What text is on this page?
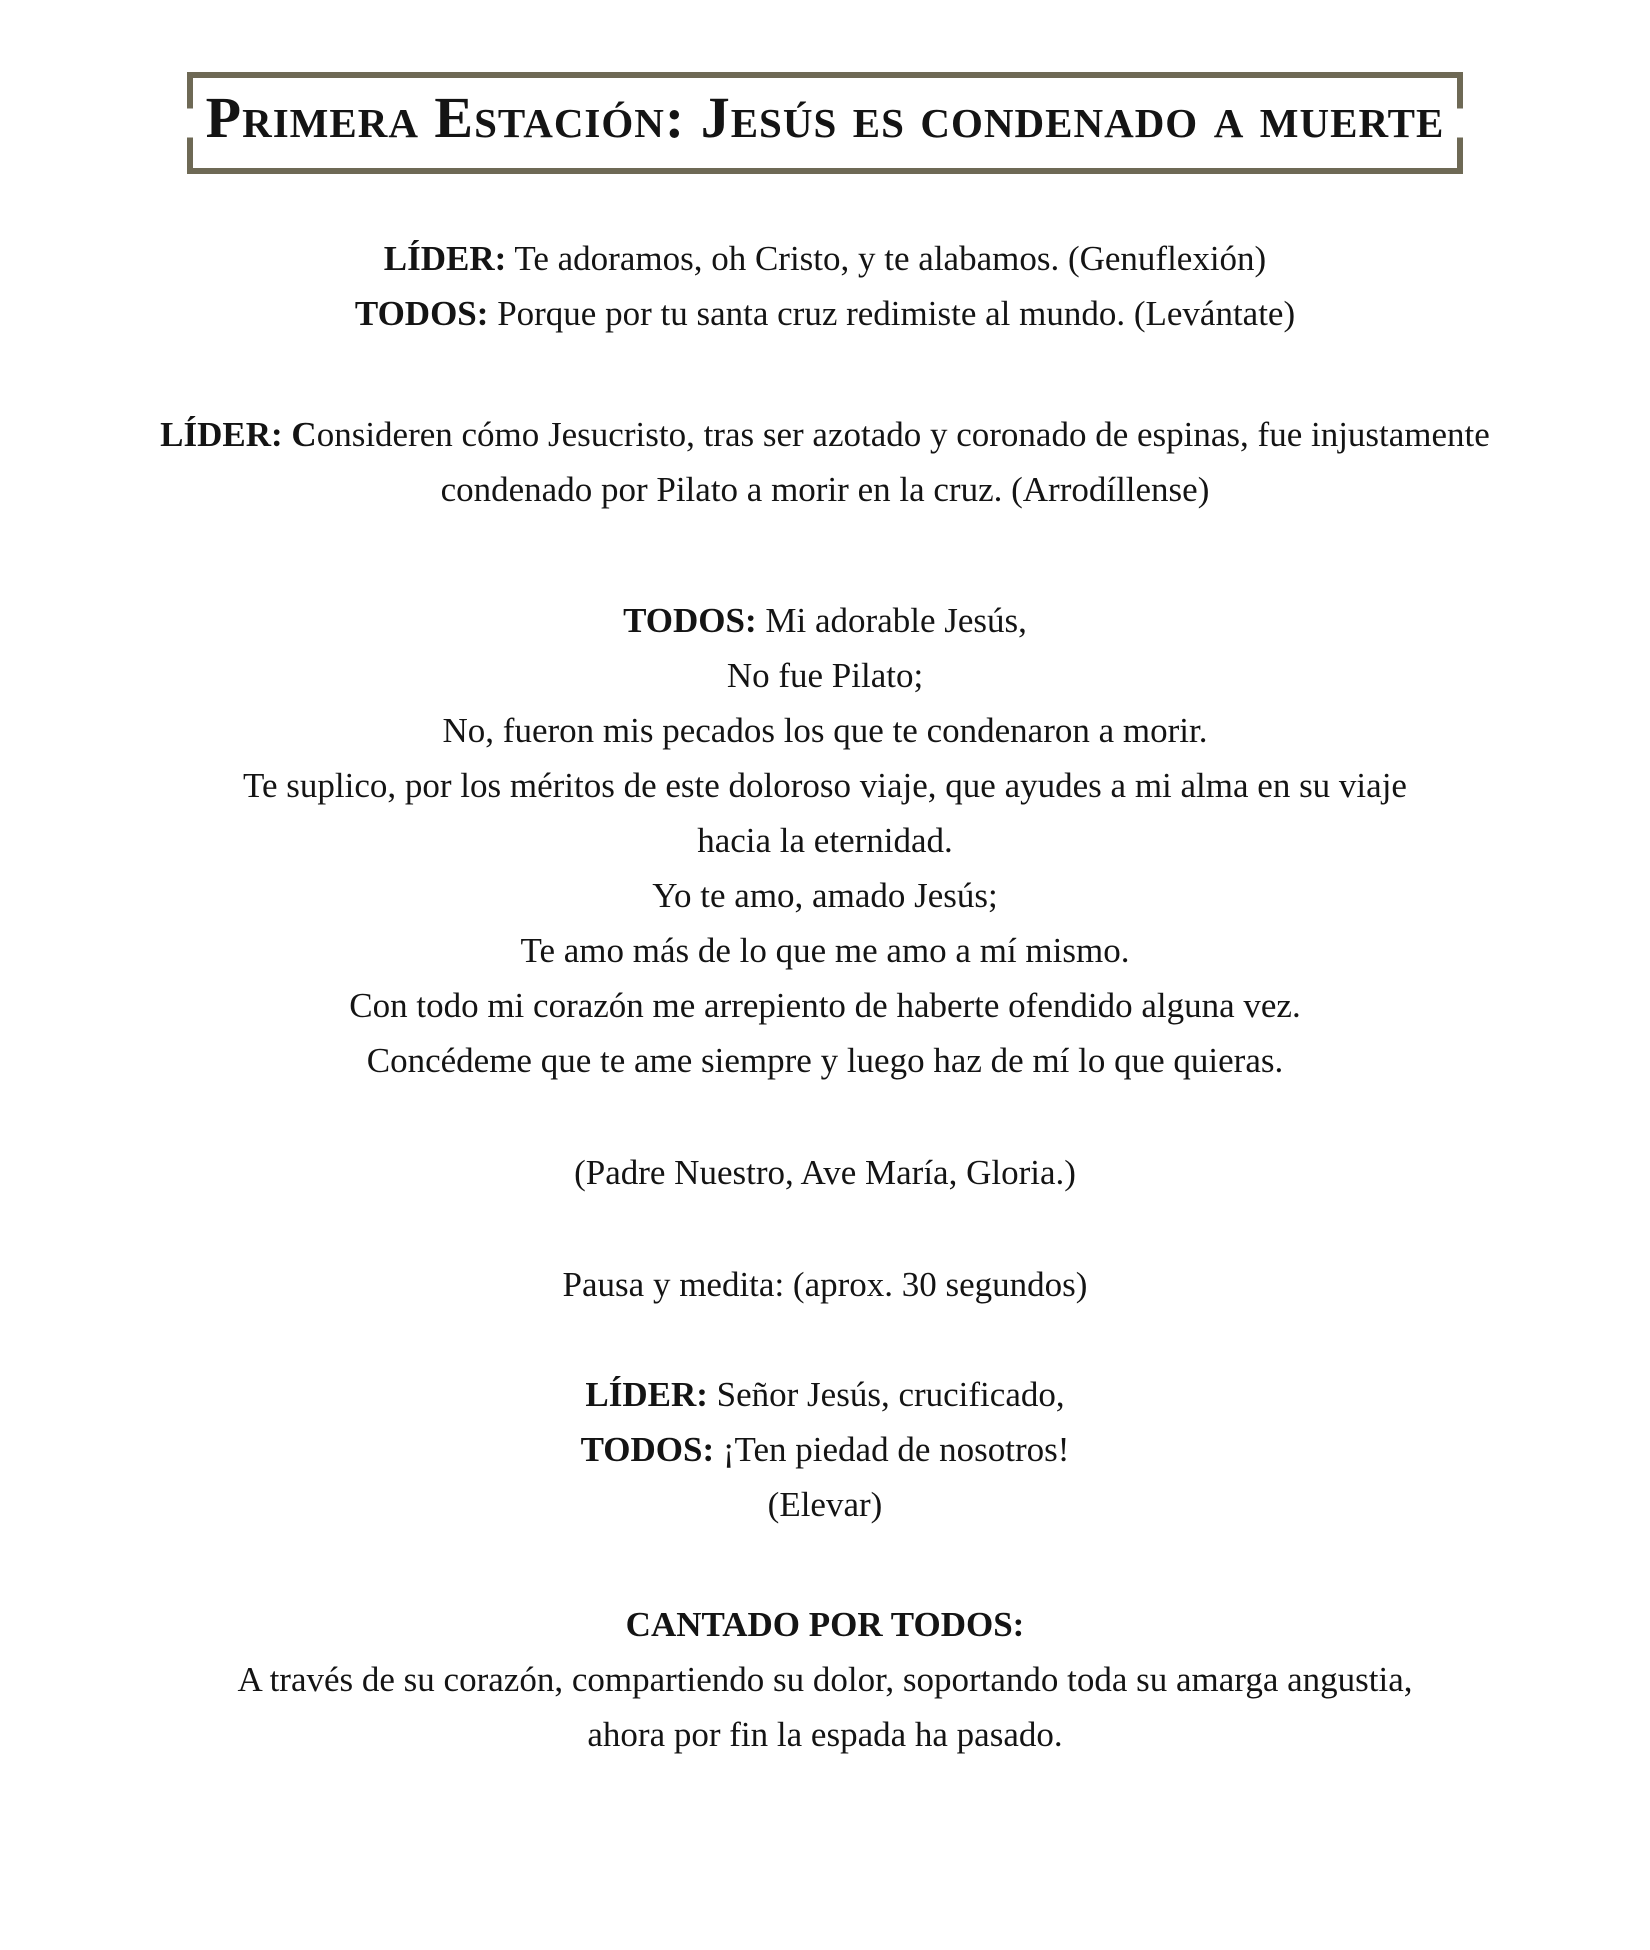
Primera Estación: Jesús es condenado a muerte
LÍDER: Te adoramos, oh Cristo, y te alabamos. (Genuflexión)
TODOS: Porque por tu santa cruz redimiste al mundo. (Levántate)
LÍDER: Consideren cómo Jesucristo, tras ser azotado y coronado de espinas, fue injustamente condenado por Pilato a morir en la cruz. (Arrodíllense)
TODOS: Mi adorable Jesús,
No fue Pilato;
No, fueron mis pecados los que te condenaron a morir.
Te suplico, por los méritos de este doloroso viaje, que ayudes a mi alma en su viaje
hacia la eternidad.
Yo te amo, amado Jesús;
Te amo más de lo que me amo a mí mismo.
Con todo mi corazón me arrepiento de haberte ofendido alguna vez.
Concédeme que te ame siempre y luego haz de mí lo que quieras.
(Padre Nuestro, Ave María, Gloria.)
Pausa y medita: (aprox. 30 segundos)
LÍDER: Señor Jesús, crucificado,
TODOS: ¡Ten piedad de nosotros!
(Elevar)
CANTADO POR TODOS:
A través de su corazón, compartiendo su dolor, soportando toda su amarga angustia,
ahora por fin la espada ha pasado.
